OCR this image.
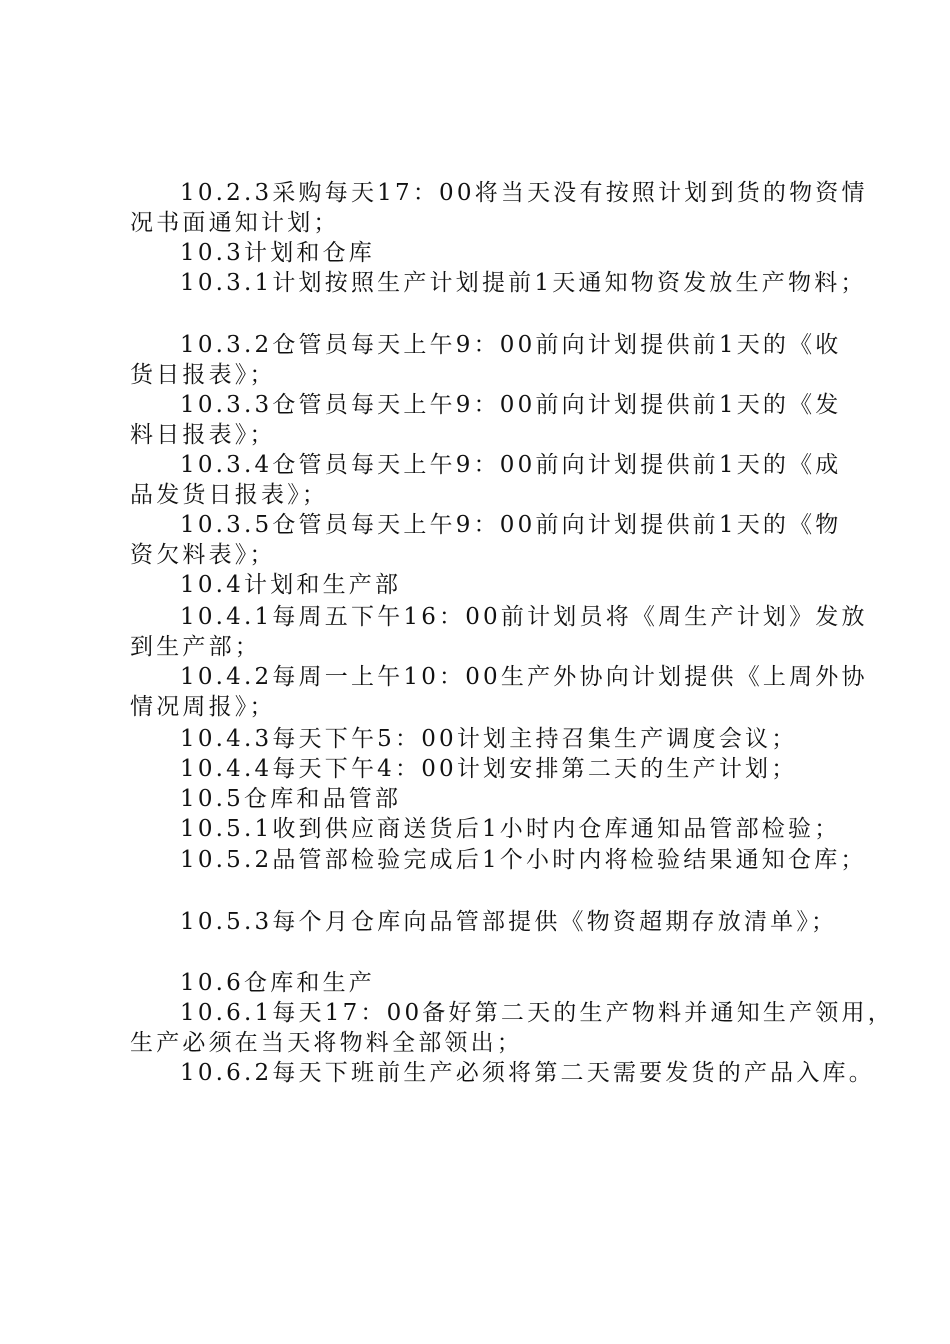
10.2.3采购每天17：00将当天没有按照计划到货的物资情
况书面通知计划；
10.3计划和仓库
10.3.1计划按照生产计划提前1天通知物资发放生产物料；
10.3.2仓管员每天上午9：00前向计划提供前1天的《收
货日报表》；
10.3.3仓管员每天上午9：00前向计划提供前1天的《发
料日报表》；
10.3.4仓管员每天上午9：00前向计划提供前1天的《成
品发货日报表》；
10.3.5仓管员每天上午9：00前向计划提供前1天的《物
资欠料表》；
10.4计划和生产部
10.4.1每周五下午16：00前计划员将《周生产计划》发放
到生产部；
10.4.2每周一上午10：00生产外协向计划提供《上周外协
情况周报》；
10.4.3每天下午5：00计划主持召集生产调度会议；
10.4.4每天下午4：00计划安排第二天的生产计划；
10.5仓库和品管部
10.5.1收到供应商送货后1小时内仓库通知品管部检验；
10.5.2品管部检验完成后1个小时内将检验结果通知仓库；
10.5.3每个月仓库向品管部提供《物资超期存放清单》；
10.6仓库和生产
10.6.1每天17：00备好第二天的生产物料并通知生产领用，
生产必须在当天将物料全部领出；
10.6.2每天下班前生产必须将第二天需要发货的产品入库。
